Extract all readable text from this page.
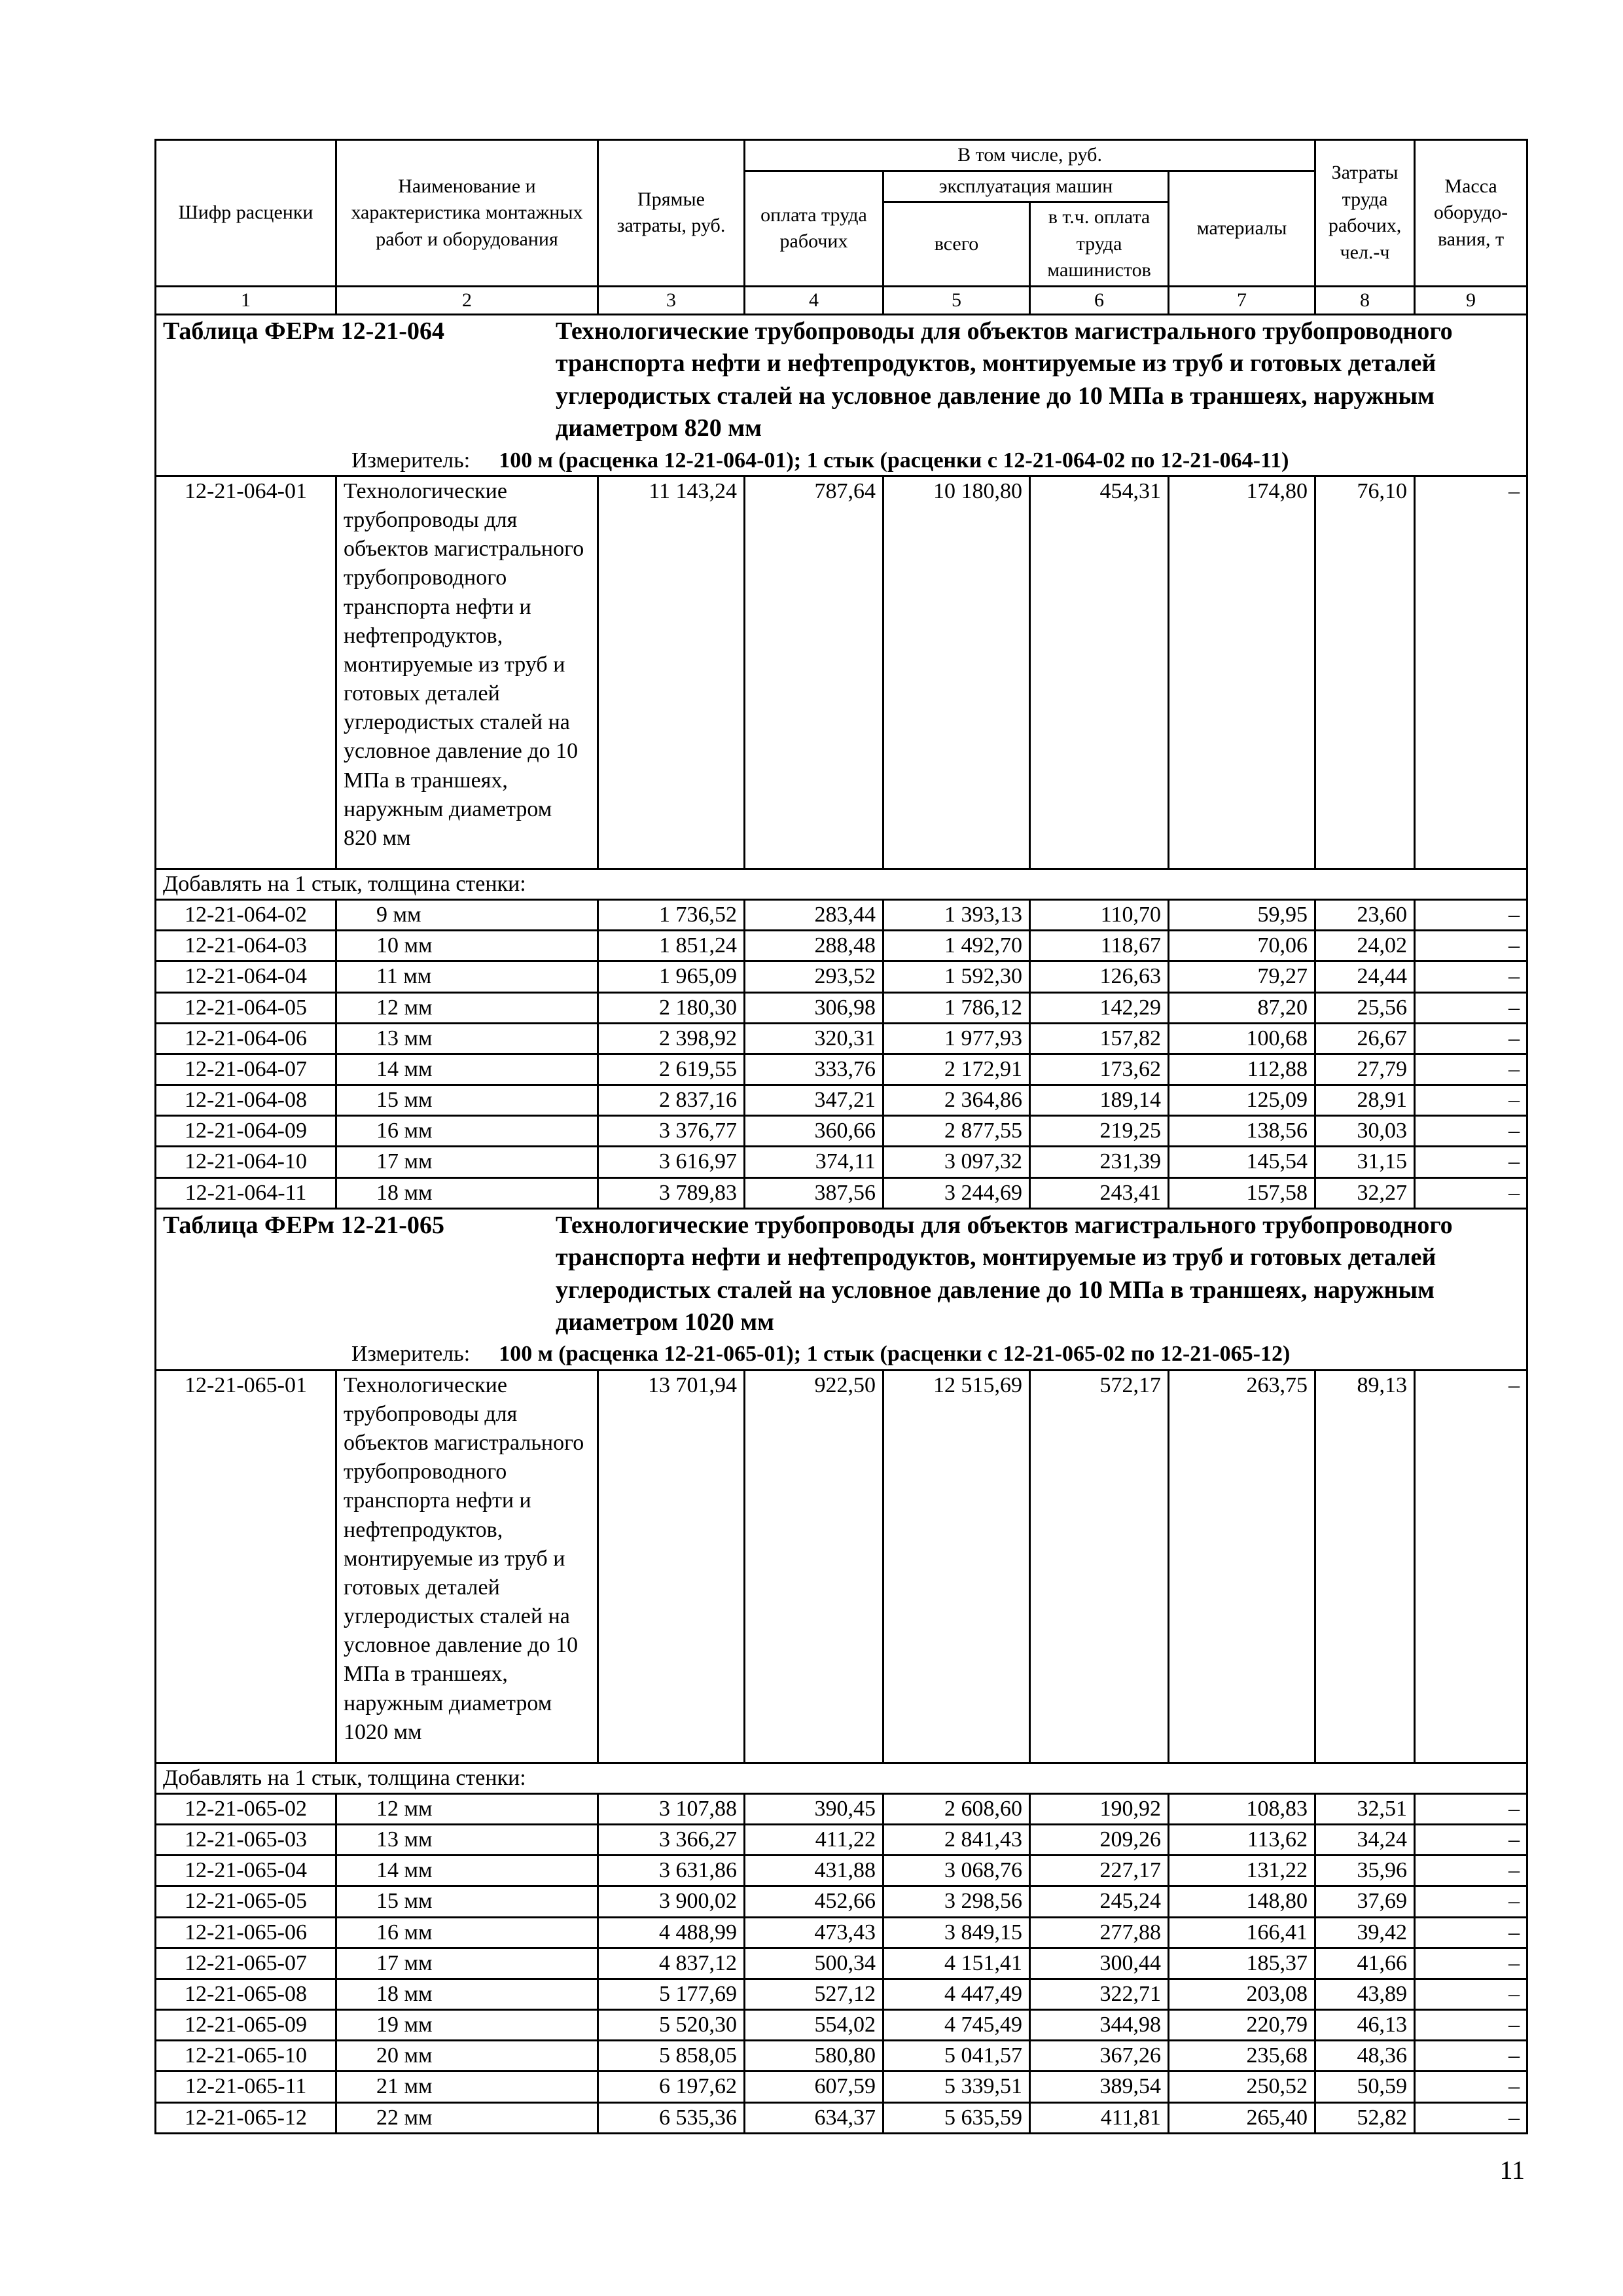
Шифр расценки	Наименование и характеристика монтажных работ и оборудования	Прямые затраты, руб.	В том числе, руб.				Затраты труда рабочих, чел.-ч	Масса оборудо-вания, т
			оплата труда рабочих	эксплуатация машин		материалы		
				всего	в т.ч. оплата труда машинистов			

1	2	3	4	5	6	7	8	9

Таблица ФЕРм 12-21-064 Технологические трубопроводы для объектов магистрального трубопроводного транспорта нефти и нефтепродуктов, монтируемые из труб и готовых деталей углеродистых сталей на условное давление до 10 МПа в траншеях, наружным диаметром 820 мм
Измеритель: 100 м (расценка 12-21-064-01); 1 стык (расценки с 12-21-064-02 по 12-21-064-11)								

12-21-064-01	Технологические трубопроводы для объектов магистрального трубопроводного транспорта нефти и нефтепродуктов, монтируемые из труб и готовых деталей углеродистых сталей на условное давление до 10 МПа в траншеях, наружным диаметром 820 мм	11 143,24	787,64	10 180,80	454,31	174,80	76,10	–
Добавлять на 1 стык, толщина стенки:								
12-21-064-02	9 мм	1 736,52	283,44	1 393,13	110,70	59,95	23,60	–
12-21-064-03	10 мм	1 851,24	288,48	1 492,70	118,67	70,06	24,02	–
12-21-064-04	11 мм	1 965,09	293,52	1 592,30	126,63	79,27	24,44	–
12-21-064-05	12 мм	2 180,30	306,98	1 786,12	142,29	87,20	25,56	–
12-21-064-06	13 мм	2 398,92	320,31	1 977,93	157,82	100,68	26,67	–
12-21-064-07	14 мм	2 619,55	333,76	2 172,91	173,62	112,88	27,79	–
12-21-064-08	15 мм	2 837,16	347,21	2 364,86	189,14	125,09	28,91	–
12-21-064-09	16 мм	3 376,77	360,66	2 877,55	219,25	138,56	30,03	–
12-21-064-10	17 мм	3 616,97	374,11	3 097,32	231,39	145,54	31,15	–
12-21-064-11	18 мм	3 789,83	387,56	3 244,69	243,41	157,58	32,27	–

Таблица ФЕРм 12-21-065 Технологические трубопроводы для объектов магистрального трубопроводного транспорта нефти и нефтепродуктов, монтируемые из труб и готовых деталей углеродистых сталей на условное давление до 10 МПа в траншеях, наружным диаметром 1020 мм
Измеритель: 100 м (расценка 12-21-065-01); 1 стык (расценки с 12-21-065-02 по 12-21-065-12)								

12-21-065-01	Технологические трубопроводы для объектов магистрального трубопроводного транспорта нефти и нефтепродуктов, монтируемые из труб и готовых деталей углеродистых сталей на условное давление до 10 МПа в траншеях, наружным диаметром 1020 мм	13 701,94	922,50	12 515,69	572,17	263,75	89,13	–
Добавлять на 1 стык, толщина стенки:								
12-21-065-02	12 мм	3 107,88	390,45	2 608,60	190,92	108,83	32,51	–
12-21-065-03	13 мм	3 366,27	411,22	2 841,43	209,26	113,62	34,24	–
12-21-065-04	14 мм	3 631,86	431,88	3 068,76	227,17	131,22	35,96	–
12-21-065-05	15 мм	3 900,02	452,66	3 298,56	245,24	148,80	37,69	–
12-21-065-06	16 мм	4 488,99	473,43	3 849,15	277,88	166,41	39,42	–
12-21-065-07	17 мм	4 837,12	500,34	4 151,41	300,44	185,37	41,66	–
12-21-065-08	18 мм	5 177,69	527,12	4 447,49	322,71	203,08	43,89	–
12-21-065-09	19 мм	5 520,30	554,02	4 745,49	344,98	220,79	46,13	–
12-21-065-10	20 мм	5 858,05	580,80	5 041,57	367,26	235,68	48,36	–
12-21-065-11	21 мм	6 197,62	607,59	5 339,51	389,54	250,52	50,59	–
12-21-065-12	22 мм	6 535,36	634,37	5 635,59	411,81	265,40	52,82	–
11
